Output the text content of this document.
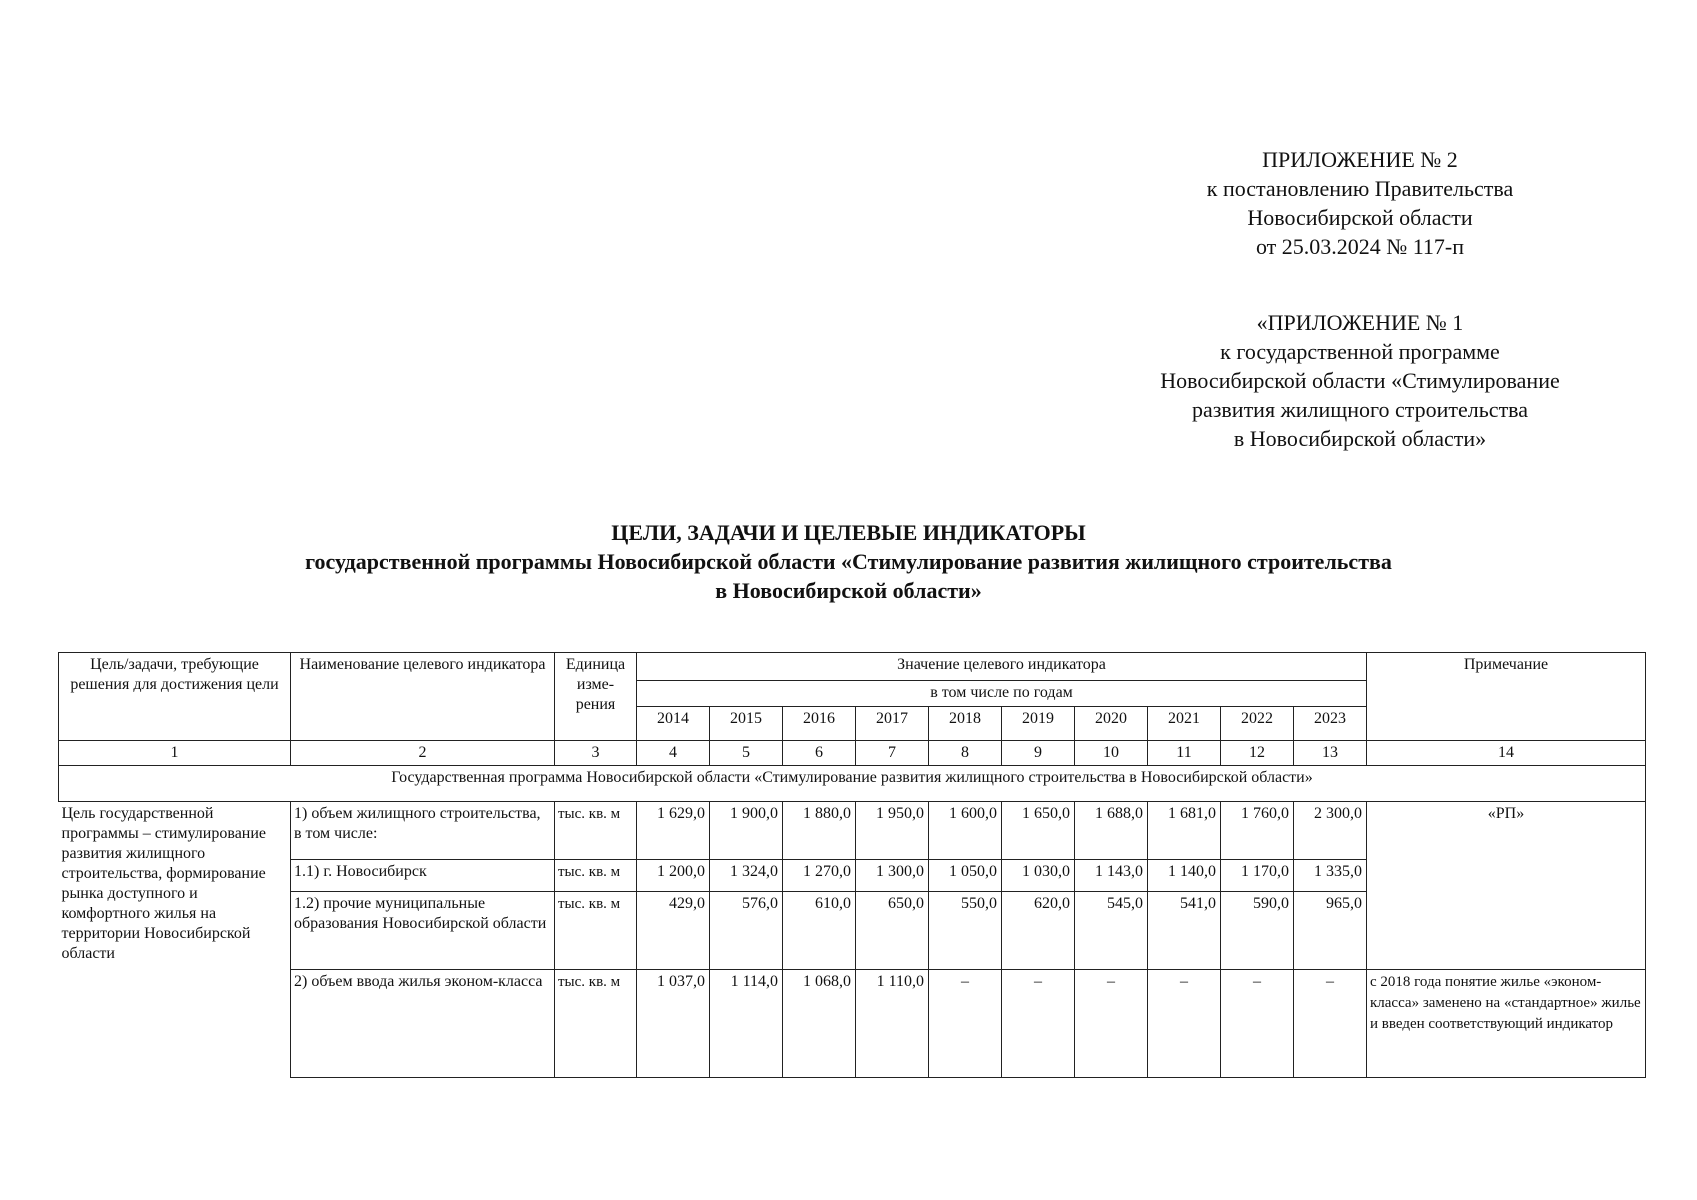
ПРИЛОЖЕНИЕ № 2
к постановлению Правительства
Новосибирской области
от 25.03.2024 № 117-п
«ПРИЛОЖЕНИЕ № 1
к государственной программе
Новосибирской области «Стимулирование
развития жилищного строительства
в Новосибирской области»
ЦЕЛИ, ЗАДАЧИ И ЦЕЛЕВЫЕ ИНДИКАТОРЫ
государственной программы Новосибирской области «Стимулирование развития жилищного строительства
в Новосибирской области»
Цель/задачи, требующие решения для достижения цели	Наименование целевого индикатора	Единица изме-рения	Значение целевого индикатора										Примечание
			в том числе по годам										
			2014	2015	2016	2017	2018	2019	2020	2021	2022	2023	
1	2	3	4	5	6	7	8	9	10	11	12	13	14
Государственная программа Новосибирской области «Стимулирование развития жилищного строительства в Новосибирской области»													
Цель государственной программы – стимулирование развития жилищного строительства, формирование рынка доступного и комфортного жилья на территории Новосибирской области	1) объем жилищного строительства, в том числе:	тыс. кв. м	1 629,0	1 900,0	1 880,0	1 950,0	1 600,0	1 650,0	1 688,0	1 681,0	1 760,0	2 300,0	«РП»
	1.1) г. Новосибирск	тыс. кв. м	1 200,0	1 324,0	1 270,0	1 300,0	1 050,0	1 030,0	1 143,0	1 140,0	1 170,0	1 335,0	
	1.2) прочие муниципальные образования Новосибирской области	тыс. кв. м	429,0	576,0	610,0	650,0	550,0	620,0	545,0	541,0	590,0	965,0	
	2) объем ввода жилья эконом-класса	тыс. кв. м	1 037,0	1 114,0	1 068,0	1 110,0	–	–	–	–	–	–	с 2018 года понятие жилье «эконом-класса» заменено на «стандартное» жилье и введен соответствующий индикатор
